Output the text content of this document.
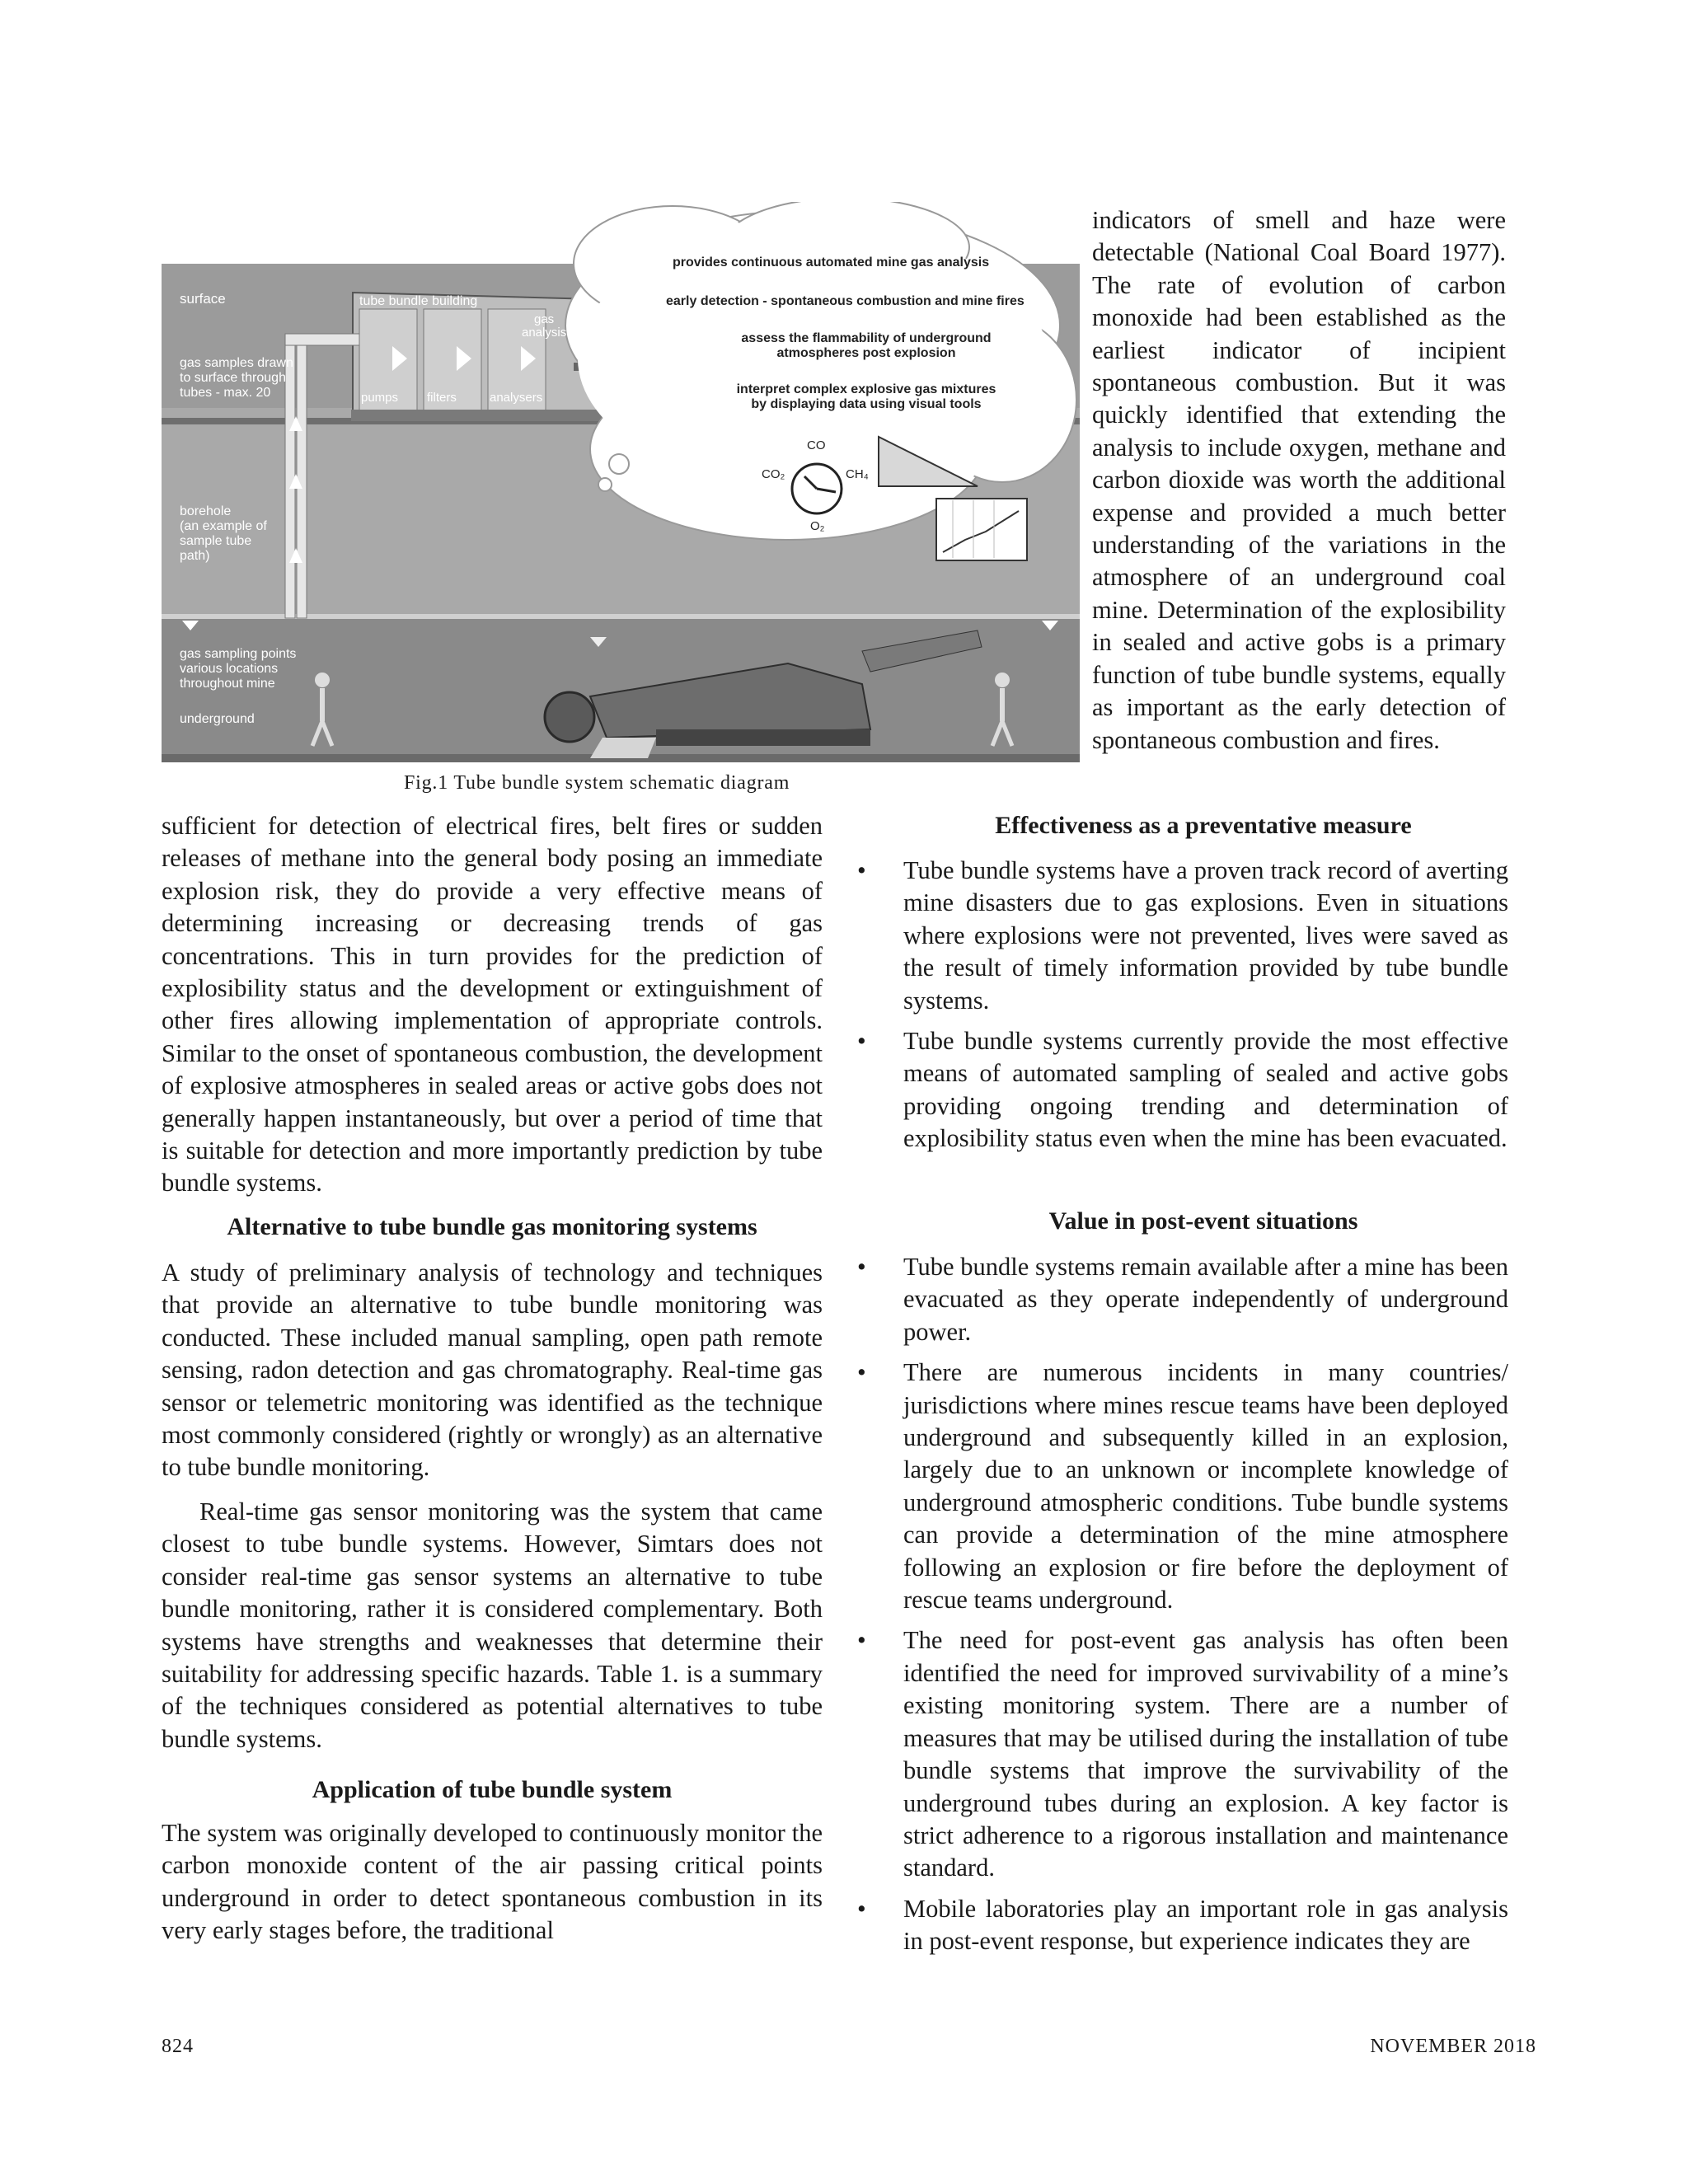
surface
gas samples drawn
to surface through
tubes - max. 20
borehole
(an example of
sample tube
path)
gas sampling points
various locations
throughout mine
underground
tube bundle building
gas
analysis
pumps filters	analysers
provides continuous automated mine gas analysis
early detection - spontaneous combustion and mine fires
assess the flammability of underground
atmospheres post explosion
interpret complex explosive gas mixtures
by displaying data using visual tools
CO
CO₂	CH₄
O₂
Fig.1 Tube bundle system schematic diagram

indicators of smell and haze were detectable (National Coal Board 1977). The rate of evolution of carbon monoxide had been established as the earliest indicator of incipient spontaneous combustion. But it was quickly identified that extending the analysis to include oxygen, methane and carbon dioxide was worth the additional expense and provided a much better understanding of the variations in the atmosphere of an underground coal mine. Determination of the explosibility in sealed and active gobs is a primary function of tube bundle systems, equally as important as the early detection of spontaneous combustion and fires.

sufficient for detection of electrical fires, belt fires or sudden releases of methane into the general body posing an immediate explosion risk, they do provide a very effective means of determining increasing or decreasing trends of gas concentrations. This in turn provides for the prediction of explosibility status and the development or extinguishment of other fires allowing implementation of appropriate controls. Similar to the onset of spontaneous combustion, the development of explosive atmospheres in sealed areas or active gobs does not generally happen instantaneously, but over a period of time that is suitable for detection and more importantly prediction by tube bundle systems.

Alternative to tube bundle gas monitoring systems

A study of preliminary analysis of technology and techniques that provide an alternative to tube bundle monitoring was conducted. These included manual sampling, open path remote sensing, radon detection and gas chromatography. Real-time gas sensor or telemetric monitoring was identified as the technique most commonly considered (rightly or wrongly) as an alternative to tube bundle monitoring.

Real-time gas sensor monitoring was the system that came closest to tube bundle systems. However, Simtars does not consider real-time gas sensor systems an alternative to tube bundle monitoring, rather it is considered complementary. Both systems have strengths and weaknesses that determine their suitability for addressing specific hazards. Table 1. is a summary of the techniques considered as potential alternatives to tube bundle systems.

Application of tube bundle system

The system was originally developed to continuously monitor the carbon monoxide content of the air passing critical points underground in order to detect spontaneous combustion in its very early stages before, the traditional

Effectiveness as a preventative measure
•	Tube bundle systems have a proven track record of averting mine disasters due to gas explosions. Even in situations where explosions were not prevented, lives were saved as the result of timely information provided by tube bundle systems.
•	Tube bundle systems currently provide the most effective means of automated sampling of sealed and active gobs providing ongoing trending and determination of explosibility status even when the mine has been evacuated.
Value in post-event situations
•	Tube bundle systems remain available after a mine has been evacuated as they operate independently of underground power.
•	There are numerous incidents in many countries/ jurisdictions where mines rescue teams have been deployed underground and subsequently killed in an explosion, largely due to an unknown or incomplete knowledge of underground atmospheric conditions. Tube bundle systems can provide a determination of the mine atmosphere following an explosion or fire before the deployment of rescue teams underground.
•	The need for post-event gas analysis has often been identified the need for improved survivability of a mine’s existing monitoring system. There are a number of measures that may be utilised during the installation of tube bundle systems that improve the survivability of the underground tubes during an explosion. A key factor is strict adherence to a rigorous installation and maintenance standard.
•	Mobile laboratories play an important role in gas analysis in post-event response, but experience indicates they are
824	NOVEMBER 2018
